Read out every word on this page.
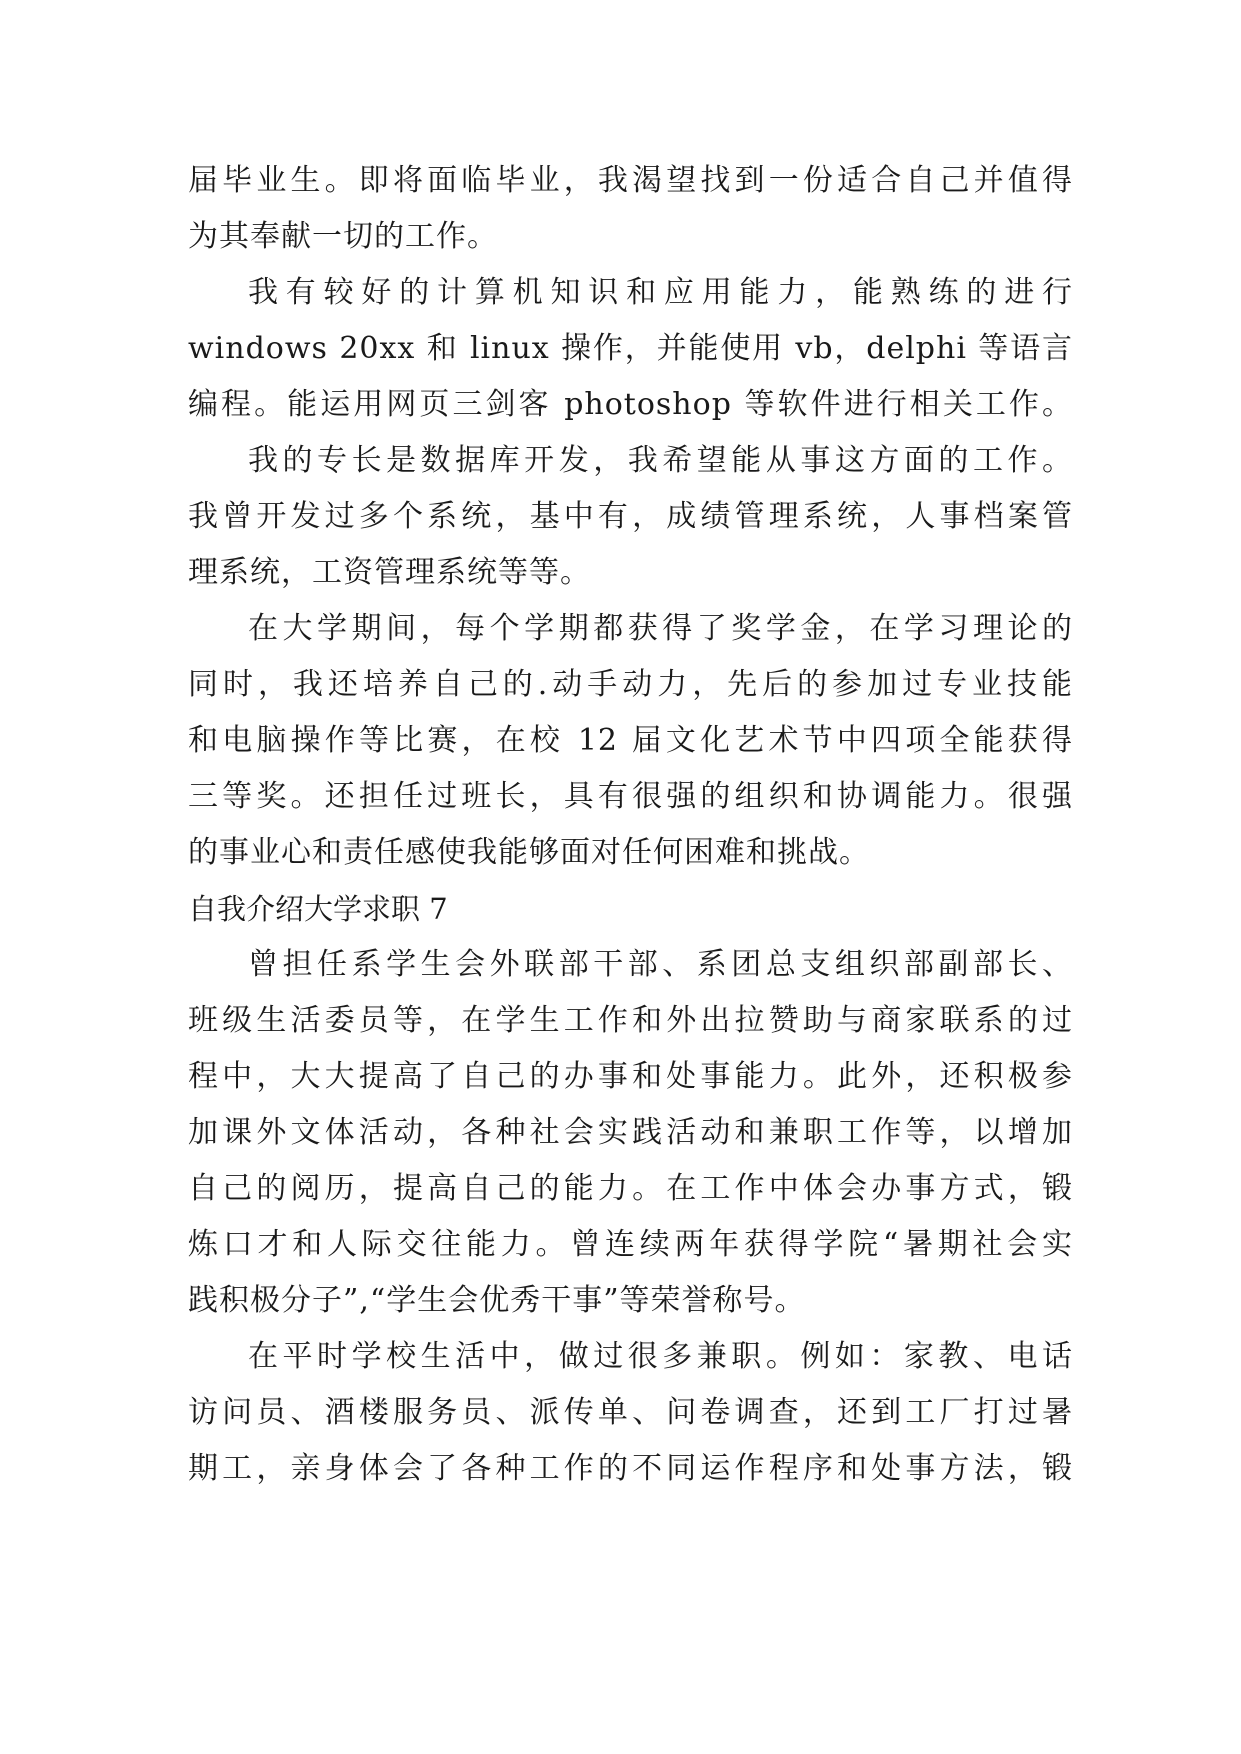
届毕业生。即将面临毕业，我渴望找到一份适合自己并值得
为其奉献一切的工作。
我有较好的计算机知识和应用能力，能熟练的进行
windows 20xx 和 linux 操作，并能使用 vb，delphi 等语言
编程。能运用网页三剑客 photoshop 等软件进行相关工作。
我的专长是数据库开发，我希望能从事这方面的工作。
我曾开发过多个系统，基中有，成绩管理系统，人事档案管
理系统，工资管理系统等等。
在大学期间，每个学期都获得了奖学金，在学习理论的
同时，我还培养自己的.动手动力，先后的参加过专业技能
和电脑操作等比赛，在校 12 届文化艺术节中四项全能获得
三等奖。还担任过班长，具有很强的组织和协调能力。很强
的事业心和责任感使我能够面对任何困难和挑战。
自我介绍大学求职 7
曾担任系学生会外联部干部、系团总支组织部副部长、
班级生活委员等，在学生工作和外出拉赞助与商家联系的过
程中，大大提高了自己的办事和处事能力。此外，还积极参
加课外文体活动，各种社会实践活动和兼职工作等，以增加
自己的阅历，提高自己的能力。在工作中体会办事方式，锻
炼口才和人际交往能力。曾连续两年获得学院“暑期社会实
践积极分子”,“学生会优秀干事”等荣誉称号。
在平时学校生活中，做过很多兼职。例如：家教、电话
访问员、酒楼服务员、派传单、问卷调查，还到工厂打过暑
期工，亲身体会了各种工作的不同运作程序和处事方法，锻
